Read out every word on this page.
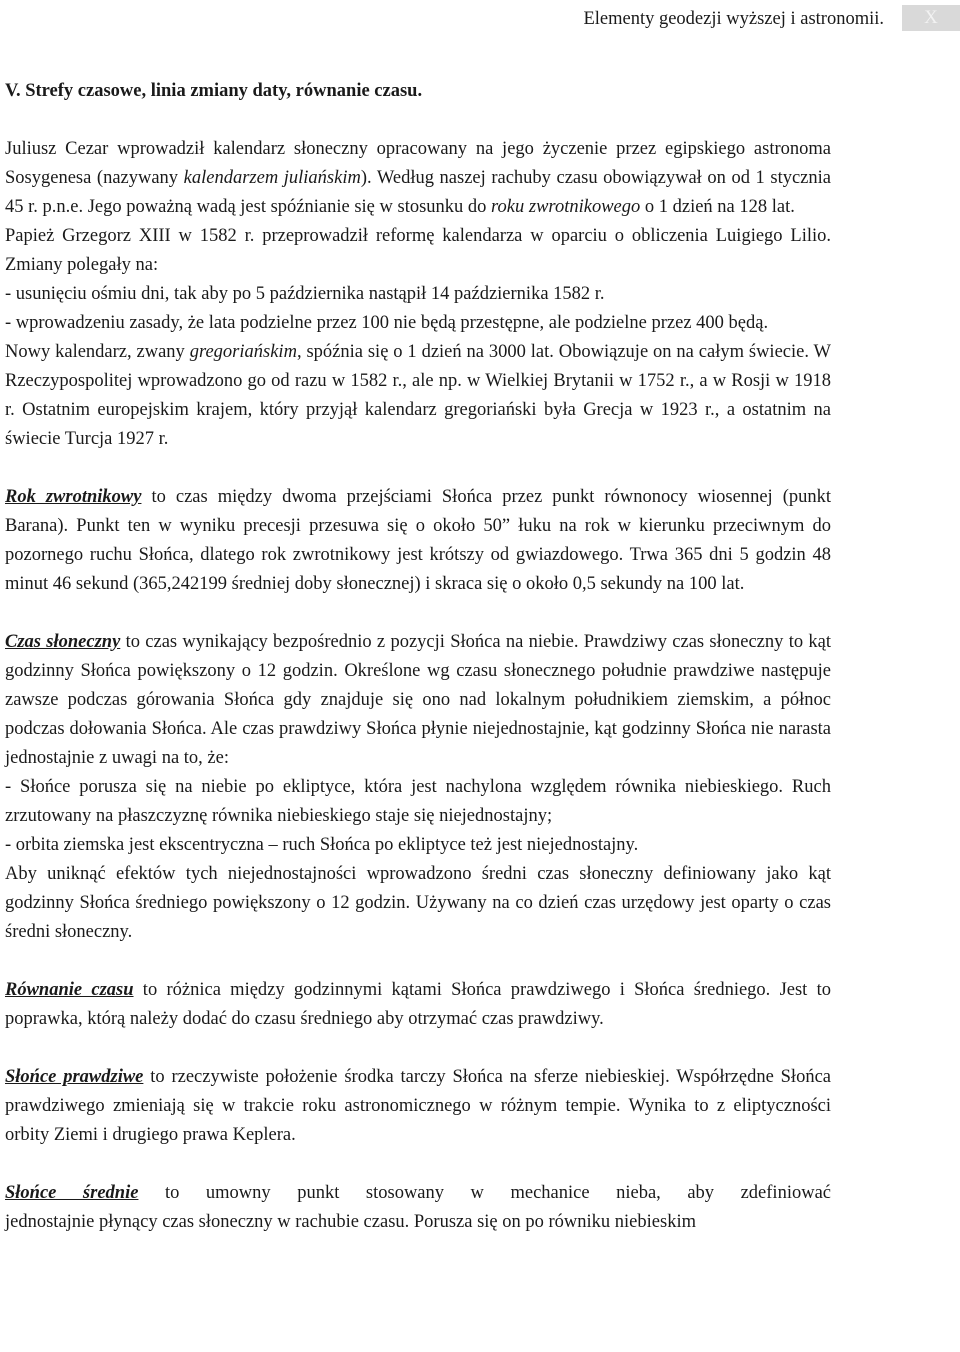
Elementy geodezji wyższej i astronomii.	X
V. Strefy czasowe, linia zmiany daty, równanie czasu.

Juliusz Cezar wprowadził kalendarz słoneczny opracowany na jego życzenie przez egipskiego astronoma Sosygenesa (nazywany kalendarzem juliańskim). Według naszej rachuby czasu obowiązywał on od 1 stycznia 45 r. p.n.e. Jego poważną wadą jest spóźnianie się w stosunku do roku zwrotnikowego o 1 dzień na 128 lat.
Papież Grzegorz XIII w 1582 r. przeprowadził reformę kalendarza w oparciu o obliczenia Luigiego Lilio. Zmiany polegały na:
- usunięciu ośmiu dni, tak aby po 5 października nastąpił 14 października 1582 r.
- wprowadzeniu zasady, że lata podzielne przez 100 nie będą przestępne, ale podzielne przez 400 będą.
Nowy kalendarz, zwany gregoriańskim, spóźnia się o 1 dzień na 3000 lat. Obowiązuje on na całym świecie. W Rzeczypospolitej wprowadzono go od razu w 1582 r., ale np. w Wielkiej Brytanii w 1752 r., a w Rosji w 1918 r. Ostatnim europejskim krajem, który przyjął kalendarz gregoriański była Grecja w 1923 r., a ostatnim na świecie Turcja 1927 r.

Rok zwrotnikowy to czas między dwoma przejściami Słońca przez punkt równonocy wiosennej (punkt Barana). Punkt ten w wyniku precesji przesuwa się o około 50” łuku na rok w kierunku przeciwnym do pozornego ruchu Słońca, dlatego rok zwrotnikowy jest krótszy od gwiazdowego. Trwa 365 dni 5 godzin 48 minut 46 sekund (365,242199 średniej doby słonecznej) i skraca się o około 0,5 sekundy na 100 lat.

Czas słoneczny to czas wynikający bezpośrednio z pozycji Słońca na niebie. Prawdziwy czas słoneczny to kąt godzinny Słońca powiększony o 12 godzin. Określone wg czasu słonecznego południe prawdziwe następuje zawsze podczas górowania Słońca gdy znajduje się ono nad lokalnym południkiem ziemskim, a północ podczas dołowania Słońca. Ale czas prawdziwy Słońca płynie niejednostajnie, kąt godzinny Słońca nie narasta jednostajnie z uwagi na to, że:
- Słońce porusza się na niebie po ekliptyce, która jest nachylona względem równika niebieskiego. Ruch zrzutowany na płaszczyznę równika niebieskiego staje się niejednostajny;
- orbita ziemska jest ekscentryczna – ruch Słońca po ekliptyce też jest niejednostajny.
Aby uniknąć efektów tych niejednostajności wprowadzono średni czas słoneczny definiowany jako kąt godzinny Słońca średniego powiększony o 12 godzin. Używany na co dzień czas urzędowy jest oparty o czas średni słoneczny.

Równanie czasu to różnica między godzinnymi kątami Słońca prawdziwego i Słońca średniego. Jest to poprawka, którą należy dodać do czasu średniego aby otrzymać czas prawdziwy.

Słońce prawdziwe to rzeczywiste położenie środka tarczy Słońca na sferze niebieskiej. Współrzędne Słońca prawdziwego zmieniają się w trakcie roku astronomicznego w różnym tempie. Wynika to z eliptyczności orbity Ziemi i drugiego prawa Keplera.

Słońce średnie to umowny punkt stosowany w mechanice nieba, aby zdefiniować
jednostajnie płynący czas słoneczny w rachubie czasu. Porusza się on po równiku niebieskim
